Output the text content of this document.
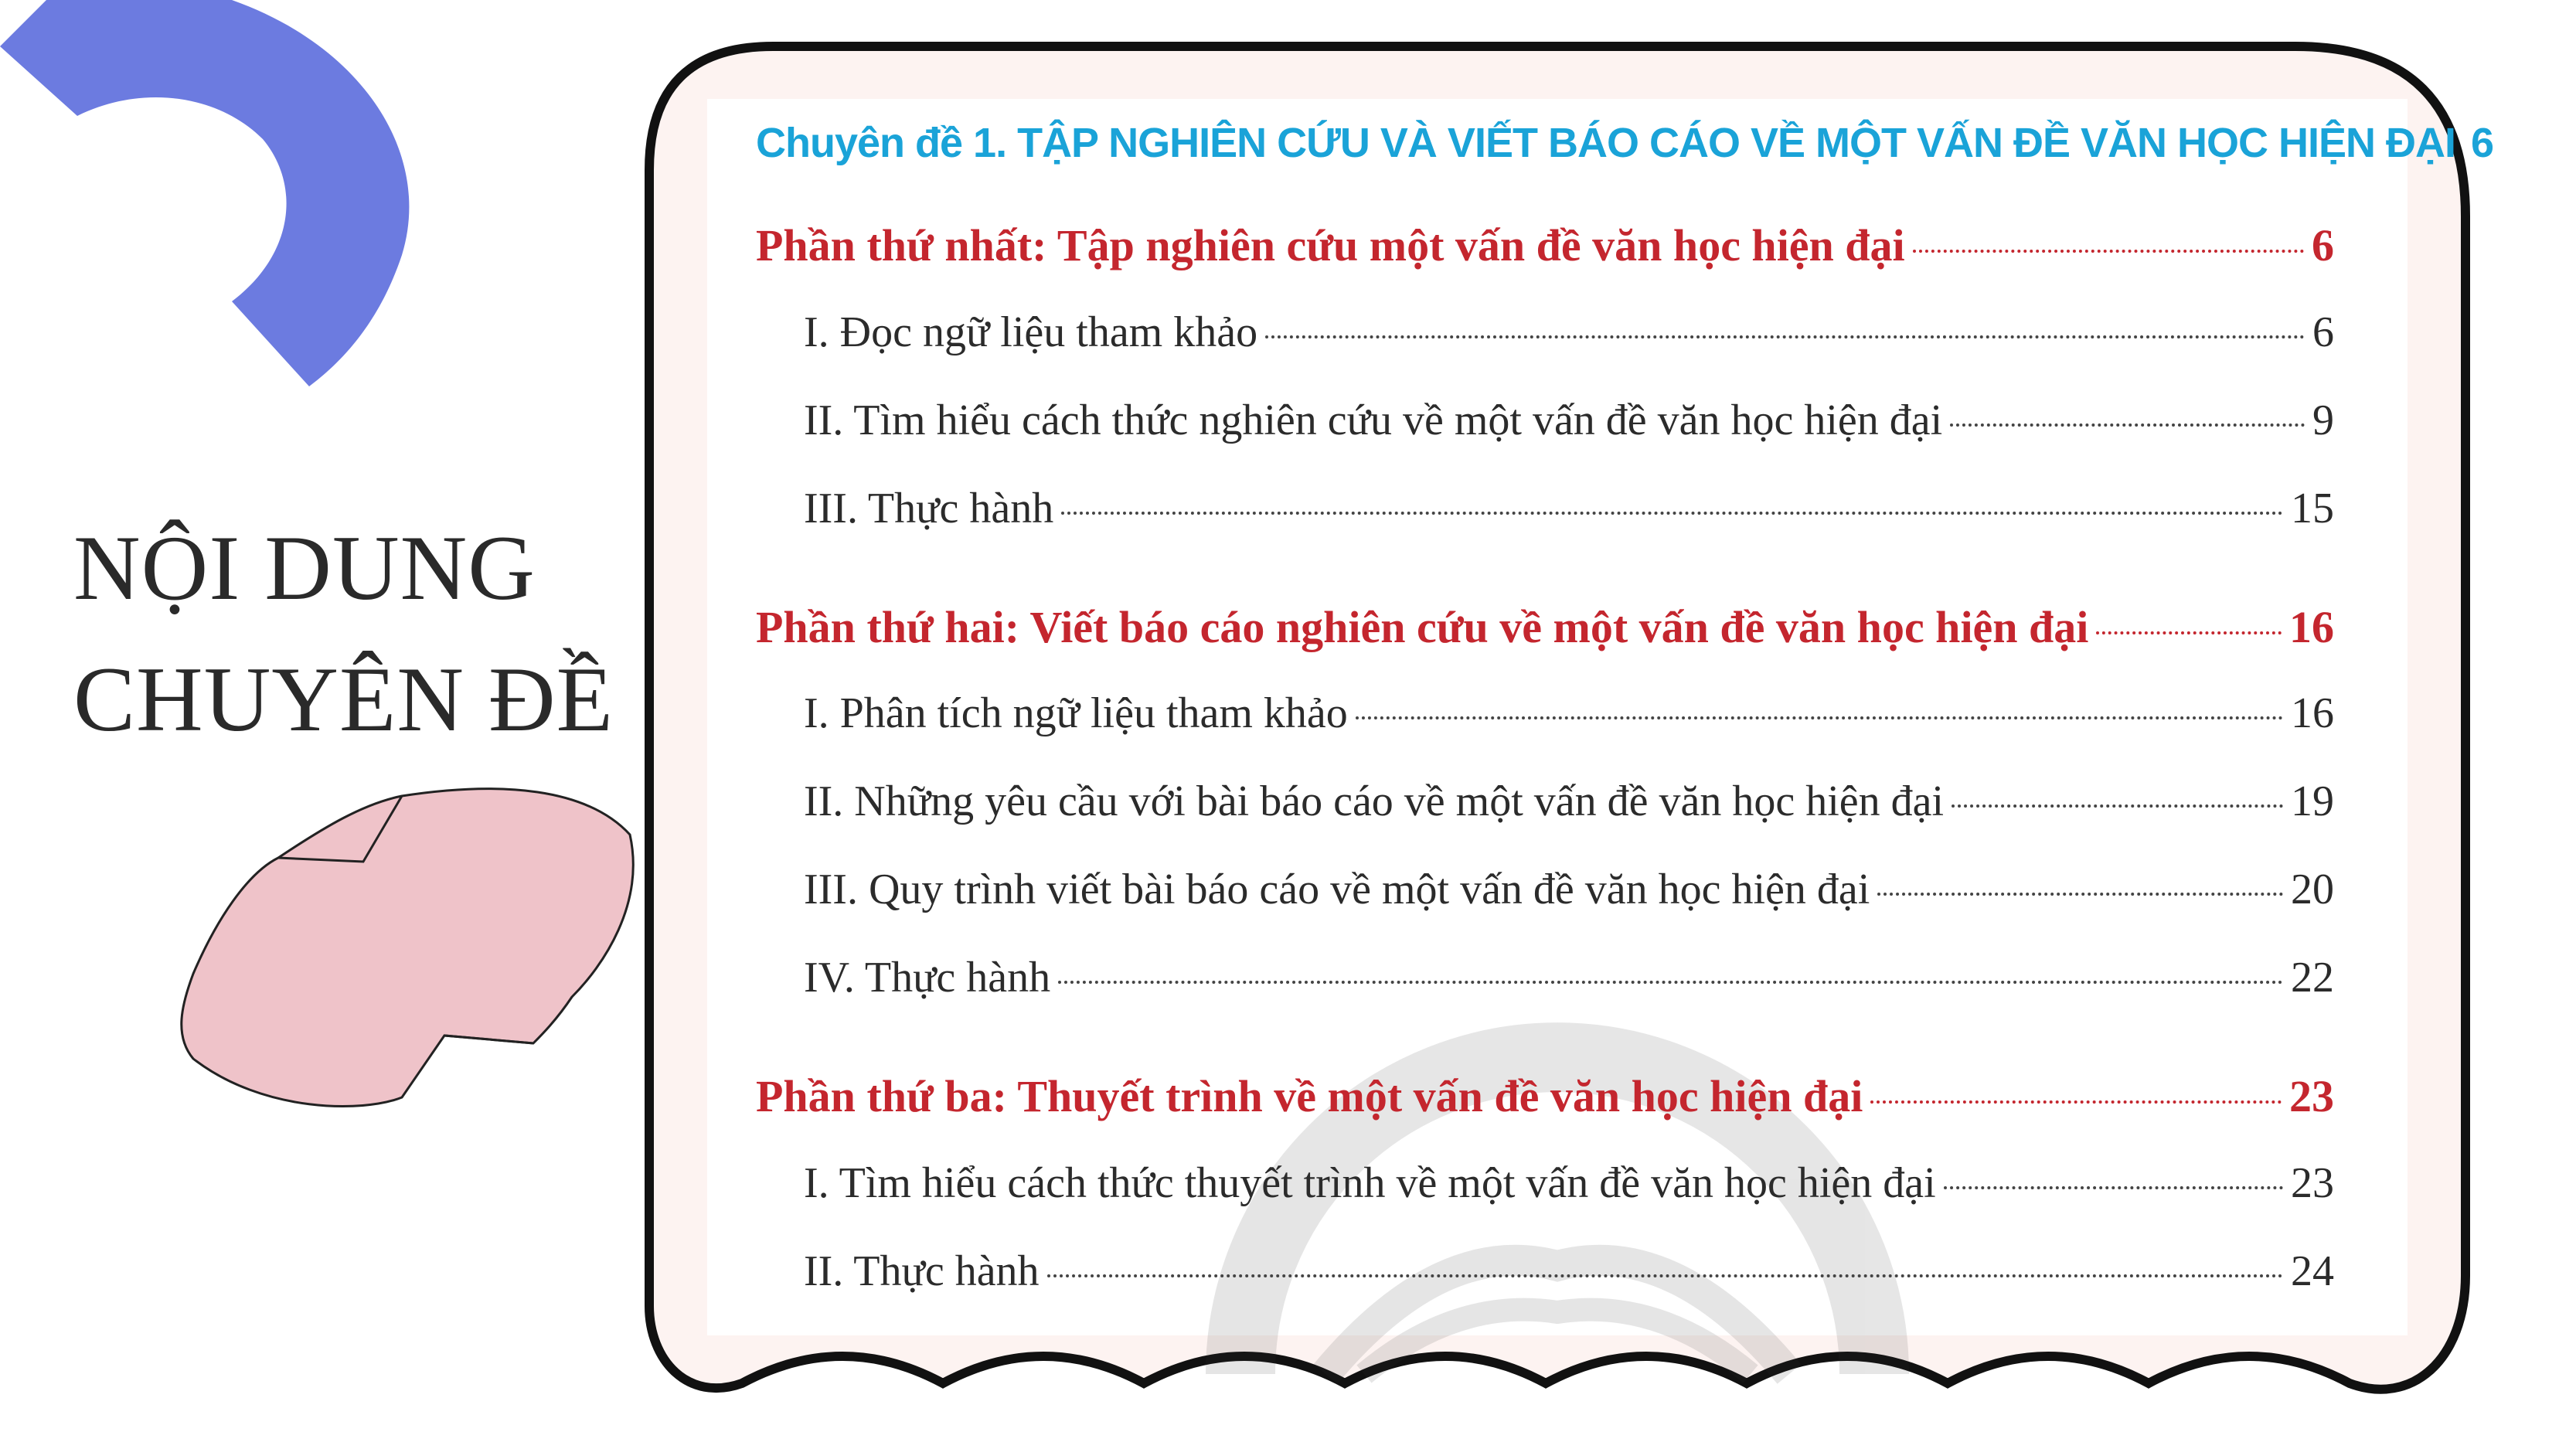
NỘI DUNG
CHUYÊN ĐỀ
Chuyên đề 1. TẬP NGHIÊN CỨU VÀ VIẾT BÁO CÁO VỀ MỘT VẤN ĐỀ VĂN HỌC HIỆN ĐẠI 6
Phần thứ nhất: Tập nghiên cứu một vấn đề văn học hiện đại	6
I. Đọc ngữ liệu tham khảo	6
II. Tìm hiểu cách thức nghiên cứu về một vấn đề văn học hiện đại	9
III. Thực hành	15
Phần thứ hai: Viết báo cáo nghiên cứu về một vấn đề văn học hiện đại	16
I. Phân tích ngữ liệu tham khảo	16
II. Những yêu cầu với bài báo cáo về một vấn đề văn học hiện đại	19
III. Quy trình viết bài báo cáo về một vấn đề văn học hiện đại	20
IV. Thực hành	22
Phần thứ ba: Thuyết trình về một vấn đề văn học hiện đại	23
I. Tìm hiểu cách thức thuyết trình về một vấn đề văn học hiện đại	23
II. Thực hành	24
